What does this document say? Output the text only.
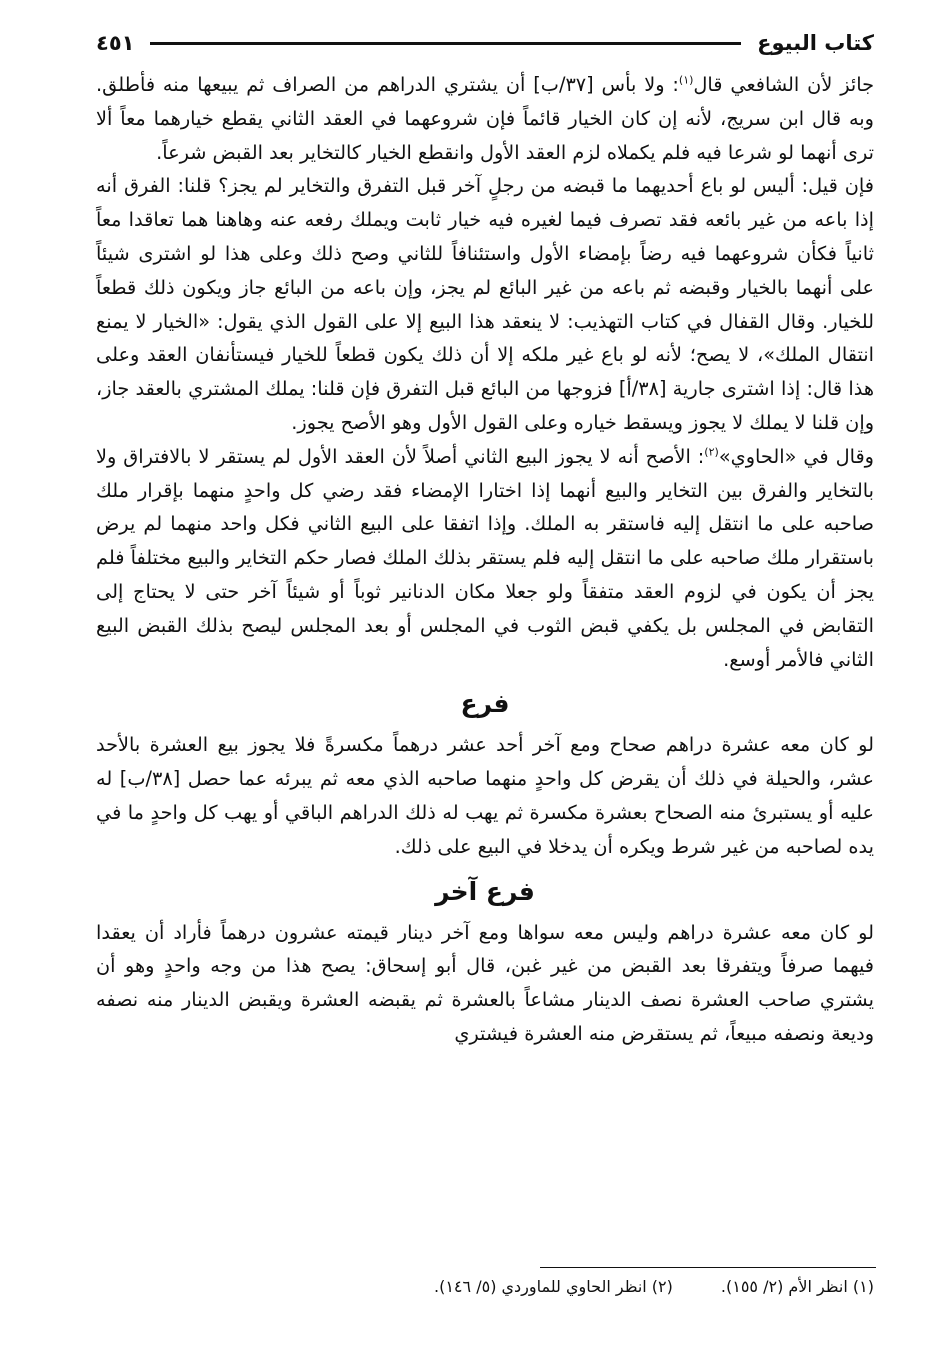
كتاب البيوع
٤٥١

جائز لأن الشافعي قال$^{(١)}$: ولا بأس [٣٧/ب] أن يشتري الدراهم من الصراف ثم يبيعها منه فأطلق. وبه قال ابن سريج، لأنه إن كان الخيار قائماً فإن شروعهما في العقد الثاني يقطع خيارهما معاً ألا ترى أنهما لو شرعا فيه فلم يكملاه لزم العقد الأول وانقطع الخيار كالتخاير بعد القبض شرعاً.

فإن قيل: أليس لو باع أحديهما ما قبضه من رجلٍ آخر قبل التفرق والتخاير لم يجز؟ قلنا: الفرق أنه إذا باعه من غير بائعه فقد تصرف فيما لغيره فيه خيار ثابت ويملك رفعه عنه وهاهنا هما تعاقدا معاً ثانياً فكأن شروعهما فيه رضاً بإمضاء الأول واستئنافاً للثاني وصح ذلك وعلى هذا لو اشترى شيئاً على أنهما بالخيار وقبضه ثم باعه من غير البائع لم يجز، وإن باعه من البائع جاز ويكون ذلك قطعاً للخيار. وقال القفال في كتاب التهذيب: لا ينعقد هذا البيع إلا على القول الذي يقول: «الخيار لا يمنع انتقال الملك»، لا يصح؛ لأنه لو باع غير ملكه إلا أن ذلك يكون قطعاً للخيار فيستأنفان العقد وعلى هذا قال: إذا اشترى جارية [٣٨/أ] فزوجها من البائع قبل التفرق فإن قلنا: يملك المشتري بالعقد جاز، وإن قلنا لا يملك لا يجوز ويسقط خياره وعلى القول الأول وهو الأصح يجوز.

وقال في «الحاوي»$^{(٢)}$: الأصح أنه لا يجوز البيع الثاني أصلاً لأن العقد الأول لم يستقر لا بالافتراق ولا بالتخاير والفرق بين التخاير والبيع أنهما إذا اختارا الإمضاء فقد رضي كل واحدٍ منهما بإقرار ملك صاحبه على ما انتقل إليه فاستقر به الملك. وإذا اتفقا على البيع الثاني فكل واحد منهما لم يرض باستقرار ملك صاحبه على ما انتقل إليه فلم يستقر بذلك الملك فصار حكم التخاير والبيع مختلفاً فلم يجز أن يكون في لزوم العقد متفقاً ولو جعلا مكان الدنانير ثوباً أو شيئاً آخر حتى لا يحتاج إلى التقابض في المجلس بل يكفي قبض الثوب في المجلس أو بعد المجلس ليصح بذلك القبض البيع الثاني فالأمر أوسع.

فرع

لو كان معه عشرة دراهم صحاح ومع آخر أحد عشر درهماً مكسرةً فلا يجوز بيع العشرة بالأحد عشر، والحيلة في ذلك أن يقرض كل واحدٍ منهما صاحبه الذي معه ثم يبرئه عما حصل [٣٨/ب] له عليه أو يستبرئ منه الصحاح بعشرة مكسرة ثم يهب له ذلك الدراهم الباقي أو يهب كل واحدٍ ما في يده لصاحبه من غير شرط ويكره أن يدخلا في البيع على ذلك.

فرع آخر

لو كان معه عشرة دراهم وليس معه سواها ومع آخر دينار قيمته عشرون درهماً فأراد أن يعقدا فيهما صرفاً ويتفرقا بعد القبض من غير غبن، قال أبو إسحاق: يصح هذا من وجه واحدٍ وهو أن يشتري صاحب العشرة نصف الدينار مشاعاً بالعشرة ثم يقبضه العشرة ويقبض الدينار منه نصفه وديعة ونصفه مبيعاً، ثم يستقرض منه العشرة فيشتري

(١) انظر الأم (٢/ ١٥٥).
(٢) انظر الحاوي للماوردي (٥/ ١٤٦).
